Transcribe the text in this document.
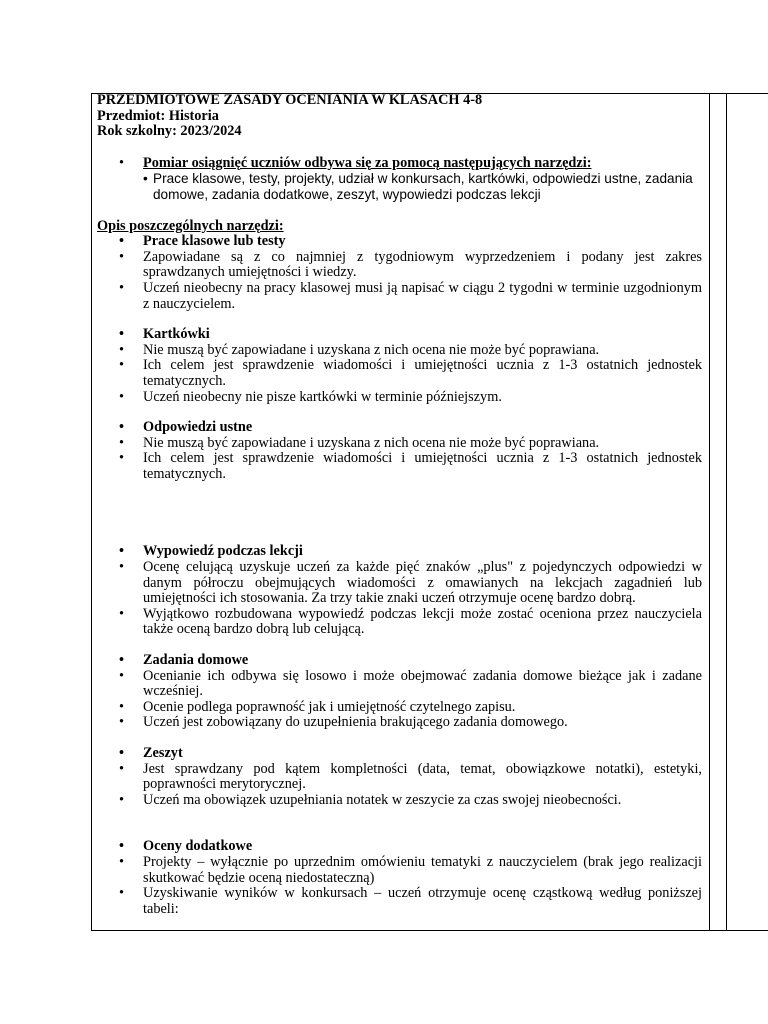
PRZEDMIOTOWE ZASADY OCENIANIA W KLASACH 4-8
Przedmiot: Historia
Rok szkolny: 2023/2024
• Pomiar osiągnięć uczniów odbywa się za pomocą następujących narzędzi:
• Prace klasowe, testy, projekty, udział w konkursach, kartkówki, odpowiedzi ustne, zadania domowe, zadania dodatkowe, zeszyt, wypowiedzi podczas lekcji
Opis poszczególnych narzędzi:
• Prace klasowe lub testy
• Zapowiadane są z co najmniej z tygodniowym wyprzedzeniem i podany jest zakres sprawdzanych umiejętności i wiedzy.
• Uczeń nieobecny na pracy klasowej musi ją napisać w ciągu 2 tygodni w terminie uzgodnionym z nauczycielem.
• Kartkówki
• Nie muszą być zapowiadane i uzyskana z nich ocena nie może być poprawiana.
• Ich celem jest sprawdzenie wiadomości i umiejętności ucznia z 1-3 ostatnich jednostek tematycznych.
• Uczeń nieobecny nie pisze kartkówki w terminie późniejszym.
• Odpowiedzi ustne
• Nie muszą być zapowiadane i uzyskana z nich ocena nie może być poprawiana.
• Ich celem jest sprawdzenie wiadomości i umiejętności ucznia z 1-3 ostatnich jednostek tematycznych.
• Wypowiedź podczas lekcji
• Ocenę celującą uzyskuje uczeń za każde pięć znaków „plus" z pojedynczych odpowiedzi w danym półroczu obejmujących wiadomości z omawianych na lekcjach zagadnień lub umiejętności ich stosowania. Za trzy takie znaki uczeń otrzymuje ocenę bardzo dobrą.
• Wyjątkowo rozbudowana wypowiedź podczas lekcji może zostać oceniona przez nauczyciela także oceną bardzo dobrą lub celującą.
• Zadania domowe
• Ocenianie ich odbywa się losowo i może obejmować zadania domowe bieżące jak i zadane wcześniej.
• Ocenie podlega poprawność jak i umiejętność czytelnego zapisu.
• Uczeń jest zobowiązany do uzupełnienia brakującego zadania domowego.
• Zeszyt
• Jest sprawdzany pod kątem kompletności (data, temat, obowiązkowe notatki), estetyki, poprawności merytorycznej.
• Uczeń ma obowiązek uzupełniania notatek w zeszycie za czas swojej nieobecności.
• Oceny dodatkowe
• Projekty – wyłącznie po uprzednim omówieniu tematyki z nauczycielem (brak jego realizacji skutkować będzie oceną niedostateczną)
• Uzyskiwanie wyników w konkursach – uczeń otrzymuje ocenę cząstkową według poniższej tabeli:
